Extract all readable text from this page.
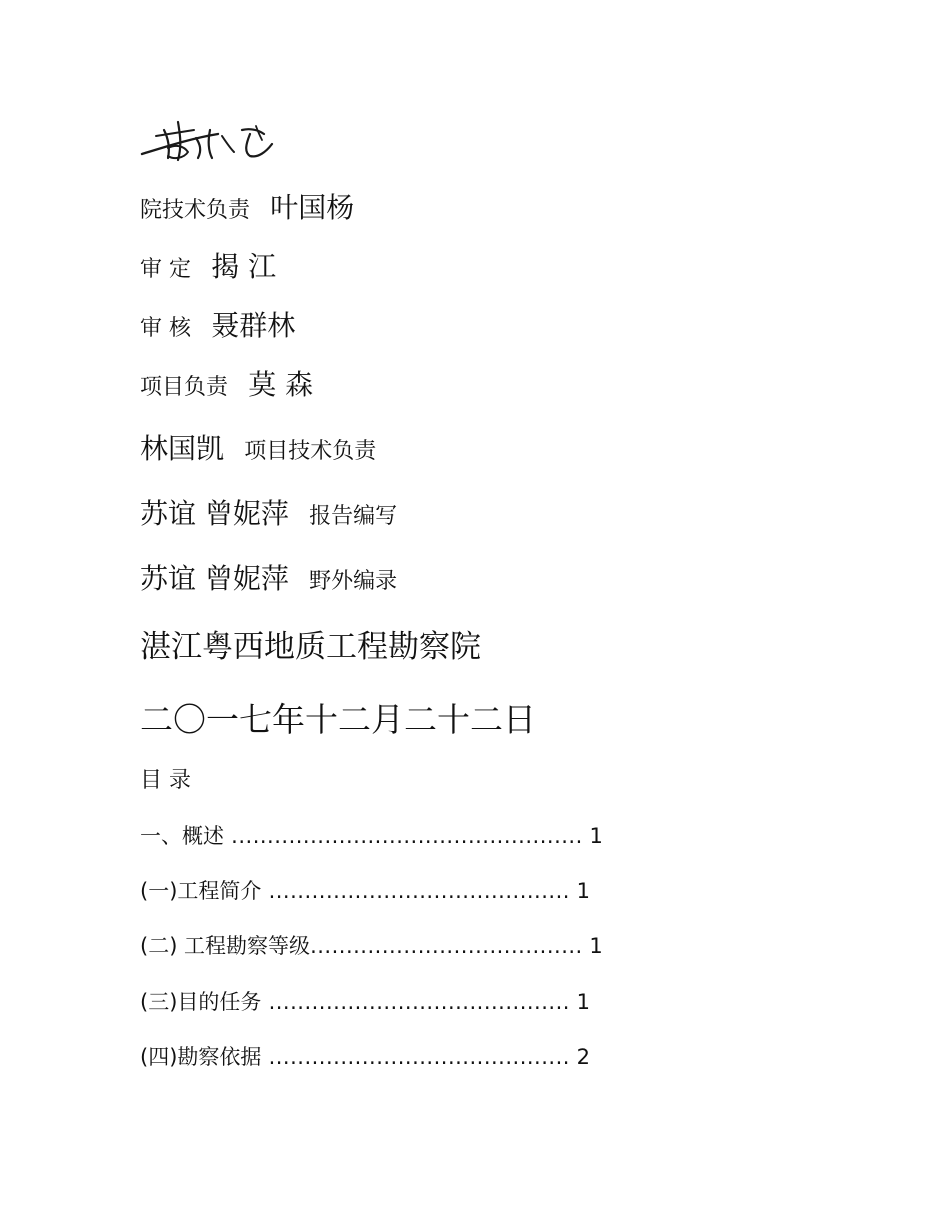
院技术负责 叶国杨
审 定 揭 江
审 核 聂群林
项目负责 莫 森
林国凯 项目技术负责
苏谊 曾妮萍 报告编写
苏谊 曾妮萍 野外编录
湛江粤西地质工程勘察院
二〇一七年十二月二十二日
目 录
一、概述 ................................................. 1
(一)工程简介 .......................................... 1
(二) 工程勘察等级...................................... 1
(三)目的任务 .......................................... 1
(四)勘察依据 .......................................... 2
